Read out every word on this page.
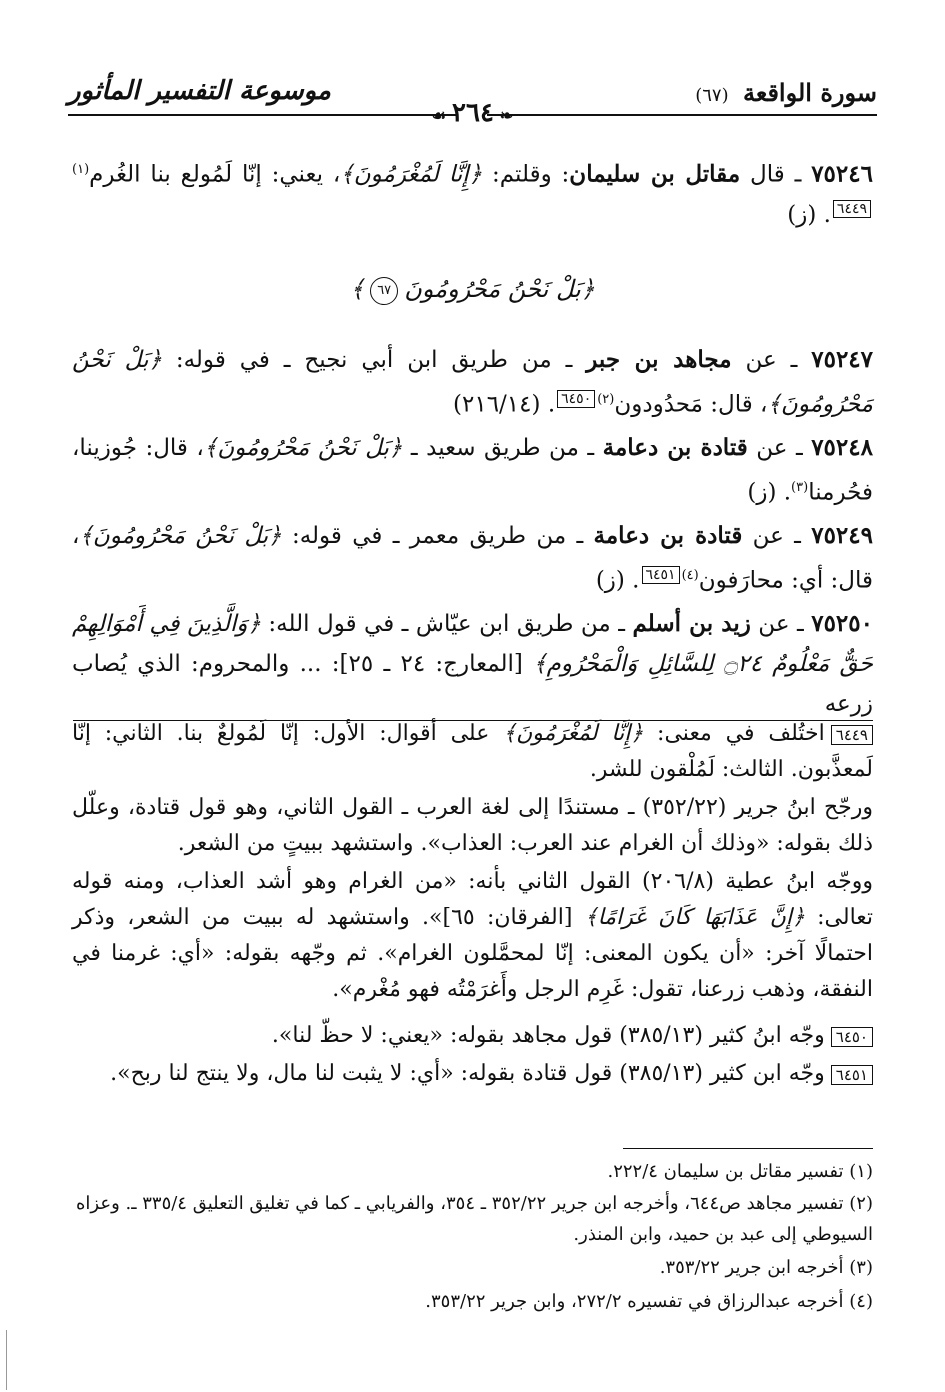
سورة الواقعة (٦٧)
موسوعة التفسير المأثور
❧٢٦٤☙
٧٥٢٤٦ ـ قال مقاتل بن سليمان: وقلتم: ﴿إِنَّا لَمُغْرَمُونَ﴾، يعني: إنّا لَمُولع بنا الغُرم$^{(١)}$٦٤٤٩. (ز)
﴿بَلْ نَحْنُ مَحْرُومُونَ٦٧﴾
٧٥٢٤٧ ـ عن مجاهد بن جبر ـ من طريق ابن أبي نجيح ـ في قوله: ﴿بَلْ نَحْنُ مَحْرُومُونَ﴾، قال: مَحدُودون$^{(٢)}$٦٤٥٠. (٢١٦/١٤)
٧٥٢٤٨ ـ عن قتادة بن دعامة ـ من طريق سعيد ـ ﴿بَلْ نَحْنُ مَحْرُومُونَ﴾، قال: جُوزينا، فحُرمنا$^{(٣)}$. (ز)
٧٥٢٤٩ ـ عن قتادة بن دعامة ـ من طريق معمر ـ في قوله: ﴿بَلْ نَحْنُ مَحْرُومُونَ﴾، قال: أي: محارَفون$^{(٤)}$٦٤٥١. (ز)
٧٥٢٥٠ ـ عن زيد بن أسلم ـ من طريق ابن عيّاش ـ في قول الله: ﴿وَالَّذِينَ فِي أَمْوَالِهِمْ حَقٌّ مَعْلُومٌ ۝٢٤ لِلسَّائِلِ وَالْمَحْرُومِ﴾ [المعارج: ٢٤ ـ ٢٥]: ... والمحروم: الذي يُصاب زرعه
٦٤٤٩اختُلف في معنى: ﴿إِنَّا لَمُغْرَمُونَ﴾ على أقوال: الأول: إنّا لَمُولعٌ بنا. الثاني: إنّا لَمعذَّبون. الثالث: لَمُلْقون للشر.
ورجّح ابنُ جرير (٣٥٢/٢٢) ـ مستندًا إلى لغة العرب ـ القول الثاني، وهو قول قتادة، وعلّل ذلك بقوله: «وذلك أن الغرام عند العرب: العذاب». واستشهد ببيتٍ من الشعر.
ووجّه ابنُ عطية (٢٠٦/٨) القول الثاني بأنه: «من الغرام وهو أشد العذاب، ومنه قوله تعالى: ﴿إِنَّ عَذَابَهَا كَانَ غَرَامًا﴾ [الفرقان: ٦٥]». واستشهد له ببيت من الشعر، وذكر احتمالًا آخر: «أن يكون المعنى: إنّا لمحمَّلون الغرام». ثم وجّهه بقوله: «أي: غرمنا في النفقة، وذهب زرعنا، تقول: غَرِم الرجل وأَغرَمْتُه فهو مُغْرم».
٦٤٥٠وجّه ابنُ كثير (٣٨٥/١٣) قول مجاهد بقوله: «يعني: لا حظّ لنا».
٦٤٥١وجّه ابن كثير (٣٨٥/١٣) قول قتادة بقوله: «أي: لا يثبت لنا مال، ولا ينتج لنا ربح».
(١) تفسير مقاتل بن سليمان ٢٢٢/٤.
(٢) تفسير مجاهد ص٦٤٤، وأخرجه ابن جرير ٣٥٢/٢٢ ـ ٣٥٤، والفريابي ـ كما في تغليق التعليق ٣٣٥/٤ ـ. وعزاه السيوطي إلى عبد بن حميد، وابن المنذر.
(٣) أخرجه ابن جرير ٣٥٣/٢٢.
(٤) أخرجه عبدالرزاق في تفسيره ٢٧٢/٢، وابن جرير ٣٥٣/٢٢.
